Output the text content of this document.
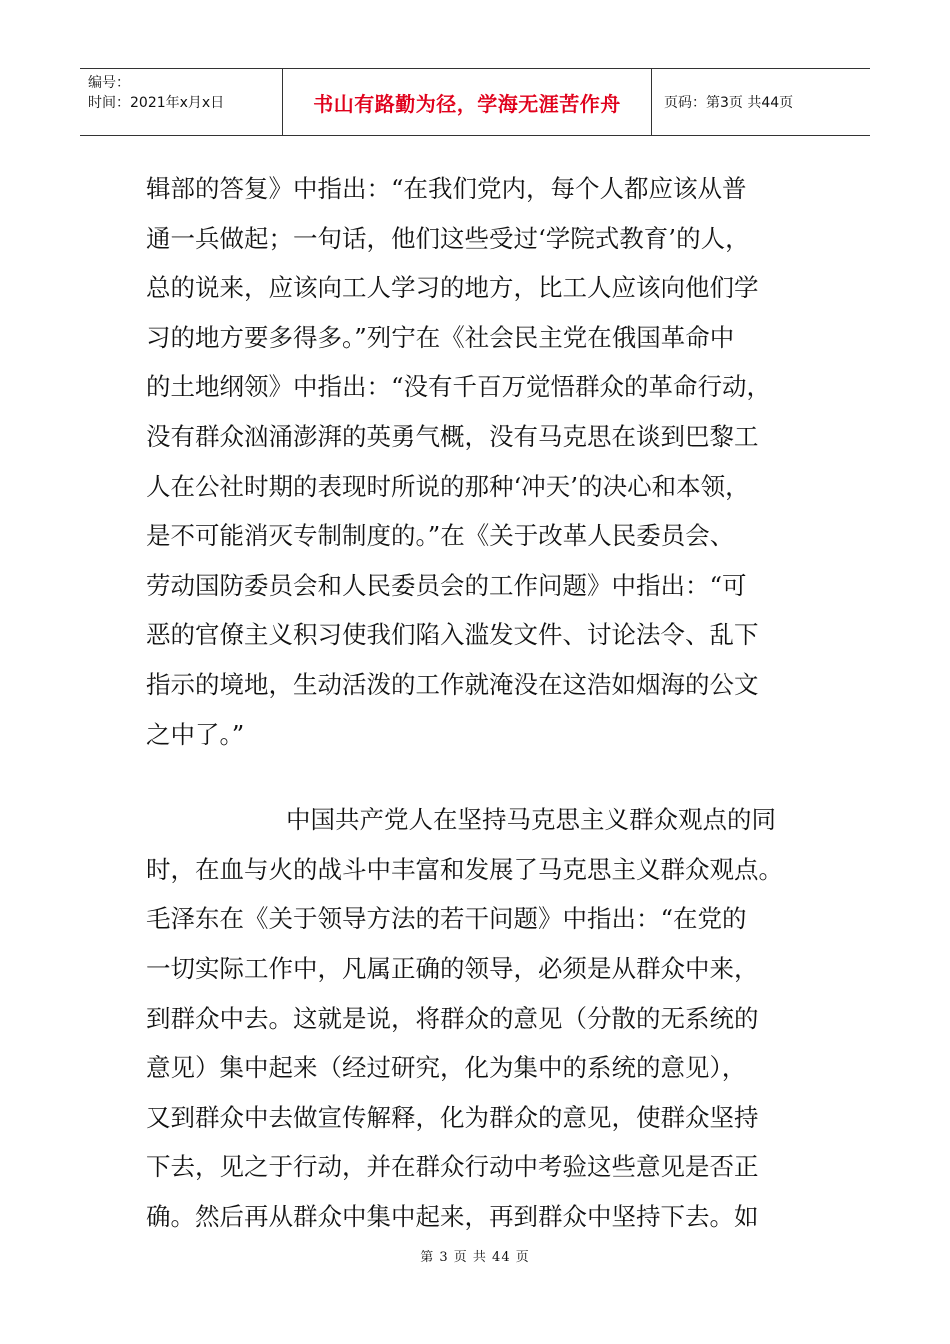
编号：
时间：2021年x月x日	书山有路勤为径，学海无涯苦作舟	页码：第3页 共44页
辑部的答复》中指出：“在我们党内，每个人都应该从普
通一兵做起；一句话，他们这些受过‘学院式教育’的人，
总的说来，应该向工人学习的地方，比工人应该向他们学
习的地方要多得多。”列宁在《社会民主党在俄国革命中
的土地纲领》中指出：“没有千百万觉悟群众的革命行动，
没有群众汹涌澎湃的英勇气概，没有马克思在谈到巴黎工
人在公社时期的表现时所说的那种‘冲天’的决心和本领，
是不可能消灭专制制度的。”在《关于改革人民委员会、
劳动国防委员会和人民委员会的工作问题》中指出：“可
恶的官僚主义积习使我们陷入滥发文件、讨论法令、乱下
指示的境地，生动活泼的工作就淹没在这浩如烟海的公文
之中了。”
中国共产党人在坚持马克思主义群众观点的同
时，在血与火的战斗中丰富和发展了马克思主义群众观点。
毛泽东在《关于领导方法的若干问题》中指出：“在党的
一切实际工作中，凡属正确的领导，必须是从群众中来，
到群众中去。这就是说，将群众的意见（分散的无系统的
意见）集中起来（经过研究，化为集中的系统的意见），
又到群众中去做宣传解释，化为群众的意见，使群众坚持
下去，见之于行动，并在群众行动中考验这些意见是否正
确。然后再从群众中集中起来，再到群众中坚持下去。如
第 3 页 共 44 页
